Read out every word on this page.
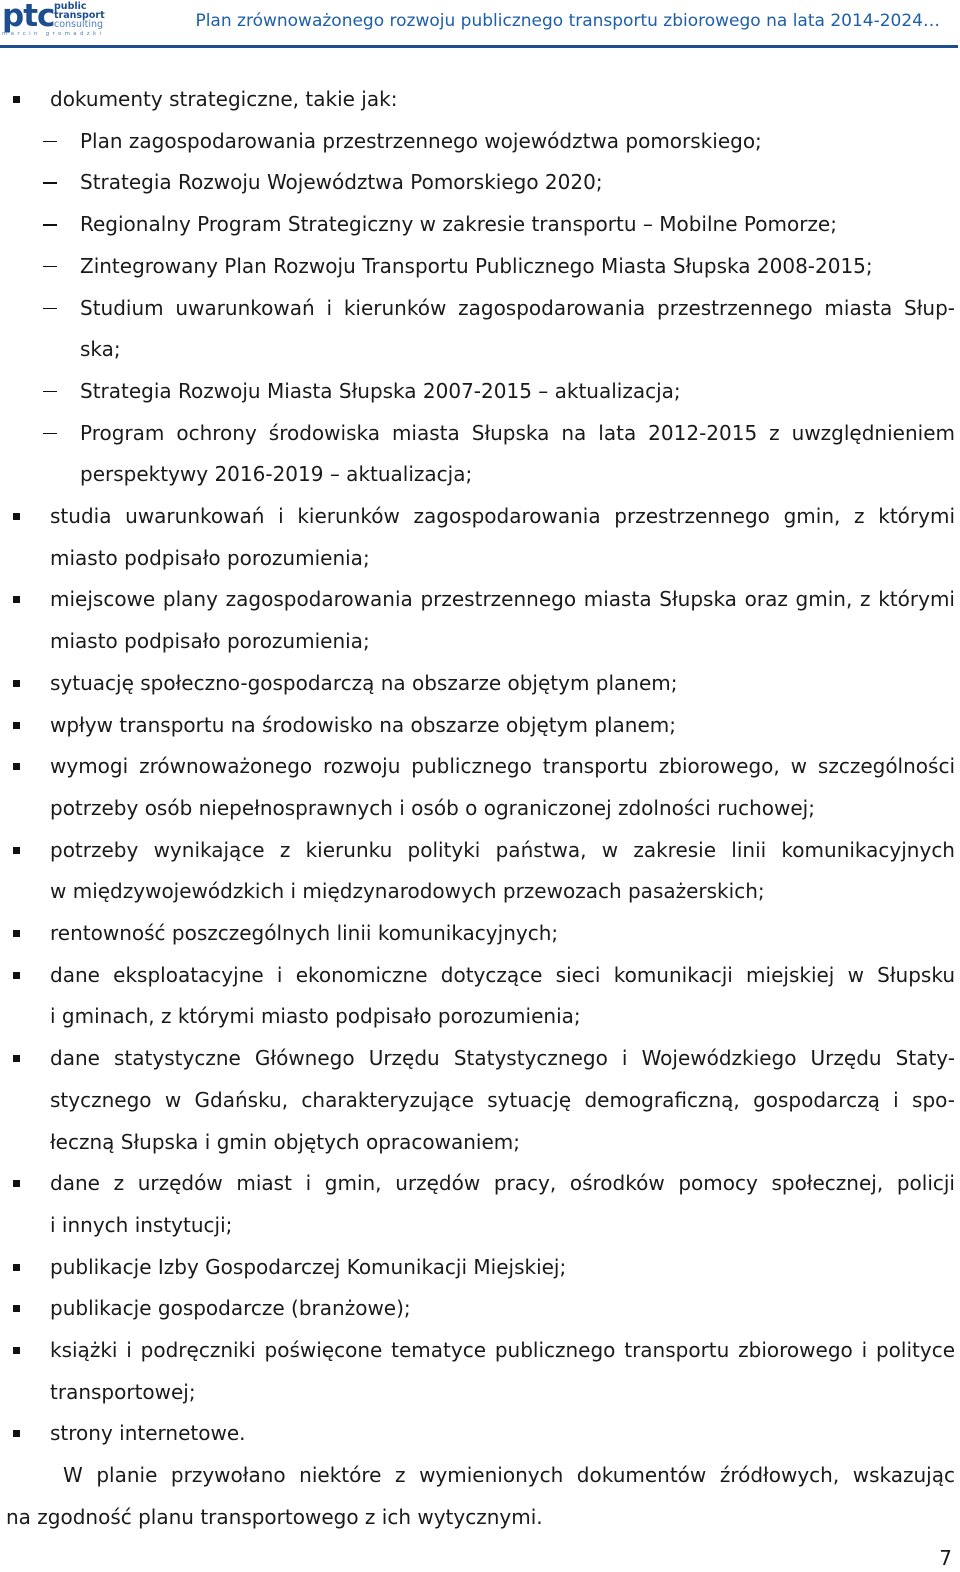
ptc public
transport
consulting
marcin gromadzki
Plan zrównoważonego rozwoju publicznego transportu zbiorowego na lata 2014-2024…
dokumenty strategiczne, takie jak:
Plan zagospodarowania przestrzennego województwa pomorskiego;
Strategia Rozwoju Województwa Pomorskiego 2020;
Regionalny Program Strategiczny w zakresie transportu – Mobilne Pomorze;
Zintegrowany Plan Rozwoju Transportu Publicznego Miasta Słupska 2008-2015;
Studium uwarunkowań i kierunków zagospodarowania przestrzennego miasta Słup-
ska;
Strategia Rozwoju Miasta Słupska 2007-2015 – aktualizacja;
Program ochrony środowiska miasta Słupska na lata 2012-2015 z uwzględnieniem
perspektywy 2016-2019 – aktualizacja;
studia uwarunkowań i kierunków zagospodarowania przestrzennego gmin, z którymi
miasto podpisało porozumienia;
miejscowe plany zagospodarowania przestrzennego miasta Słupska oraz gmin, z którymi
miasto podpisało porozumienia;
sytuację społeczno-gospodarczą na obszarze objętym planem;
wpływ transportu na środowisko na obszarze objętym planem;
wymogi zrównoważonego rozwoju publicznego transportu zbiorowego, w szczególności
potrzeby osób niepełnosprawnych i osób o ograniczonej zdolności ruchowej;
potrzeby wynikające z kierunku polityki państwa, w zakresie linii komunikacyjnych
w międzywojewódzkich i międzynarodowych przewozach pasażerskich;
rentowność poszczególnych linii komunikacyjnych;
dane eksploatacyjne i ekonomiczne dotyczące sieci komunikacji miejskiej w Słupsku
i gminach, z którymi miasto podpisało porozumienia;
dane statystyczne Głównego Urzędu Statystycznego i Wojewódzkiego Urzędu Staty-
stycznego w Gdańsku, charakteryzujące sytuację demograficzną, gospodarczą i spo-
łeczną Słupska i gmin objętych opracowaniem;
dane z urzędów miast i gmin, urzędów pracy, ośrodków pomocy społecznej, policji
i innych instytucji;
publikacje Izby Gospodarczej Komunikacji Miejskiej;
publikacje gospodarcze (branżowe);
książki i podręczniki poświęcone tematyce publicznego transportu zbiorowego i polityce
transportowej;
strony internetowe.
W planie przywołano niektóre z wymienionych dokumentów źródłowych, wskazując
na zgodność planu transportowego z ich wytycznymi.
7
